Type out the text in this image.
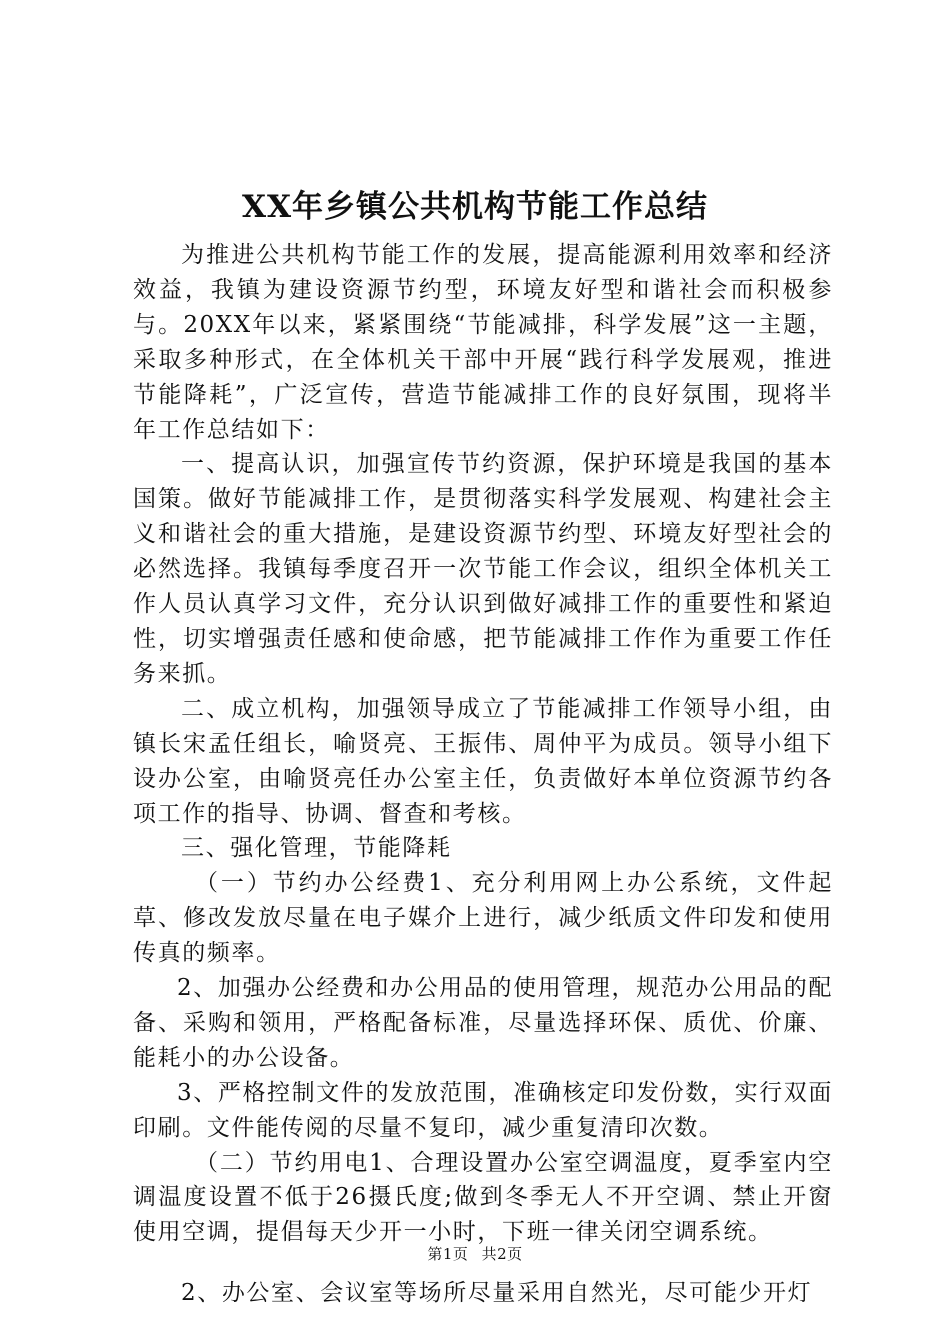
XX年乡镇公共机构节能工作总结

为推进公共机构节能工作的发展，提高能源利用效率和经济效益，我镇为建设资源节约型，环境友好型和谐社会而积极参与。20XX年以来，紧紧围绕“节能减排，科学发展”这一主题，采取多种形式，在全体机关干部中开展“践行科学发展观，推进节能降耗”，广泛宣传，营造节能减排工作的良好氛围，现将半年工作总结如下：

一、提高认识，加强宣传节约资源，保护环境是我国的基本国策。做好节能减排工作，是贯彻落实科学发展观、构建社会主义和谐社会的重大措施，是建设资源节约型、环境友好型社会的必然选择。我镇每季度召开一次节能工作会议，组织全体机关工作人员认真学习文件，充分认识到做好减排工作的重要性和紧迫性，切实增强责任感和使命感，把节能减排工作作为重要工作任务来抓。

二、成立机构，加强领导成立了节能减排工作领导小组，由镇长宋孟任组长，喻贤亮、王振伟、周仲平为成员。领导小组下设办公室，由喻贤亮任办公室主任，负责做好本单位资源节约各项工作的指导、协调、督查和考核。

三、强化管理，节能降耗

（一）节约办公经费1、充分利用网上办公系统，文件起草、修改发放尽量在电子媒介上进行，减少纸质文件印发和使用传真的频率。

2、加强办公经费和办公用品的使用管理，规范办公用品的配备、采购和领用，严格配备标准，尽量选择环保、质优、价廉、能耗小的办公设备。

3、严格控制文件的发放范围，准确核定印发份数，实行双面印刷。文件能传阅的尽量不复印，减少重复清印次数。

（二）节约用电1、合理设置办公室空调温度，夏季室内空调温度设置不低于26摄氏度;做到冬季无人不开空调、禁止开窗使用空调，提倡每天少开一小时，下班一律关闭空调系统。

2、办公室、会议室等场所尽量采用自然光，尽可能少开灯

第1页 共2页
